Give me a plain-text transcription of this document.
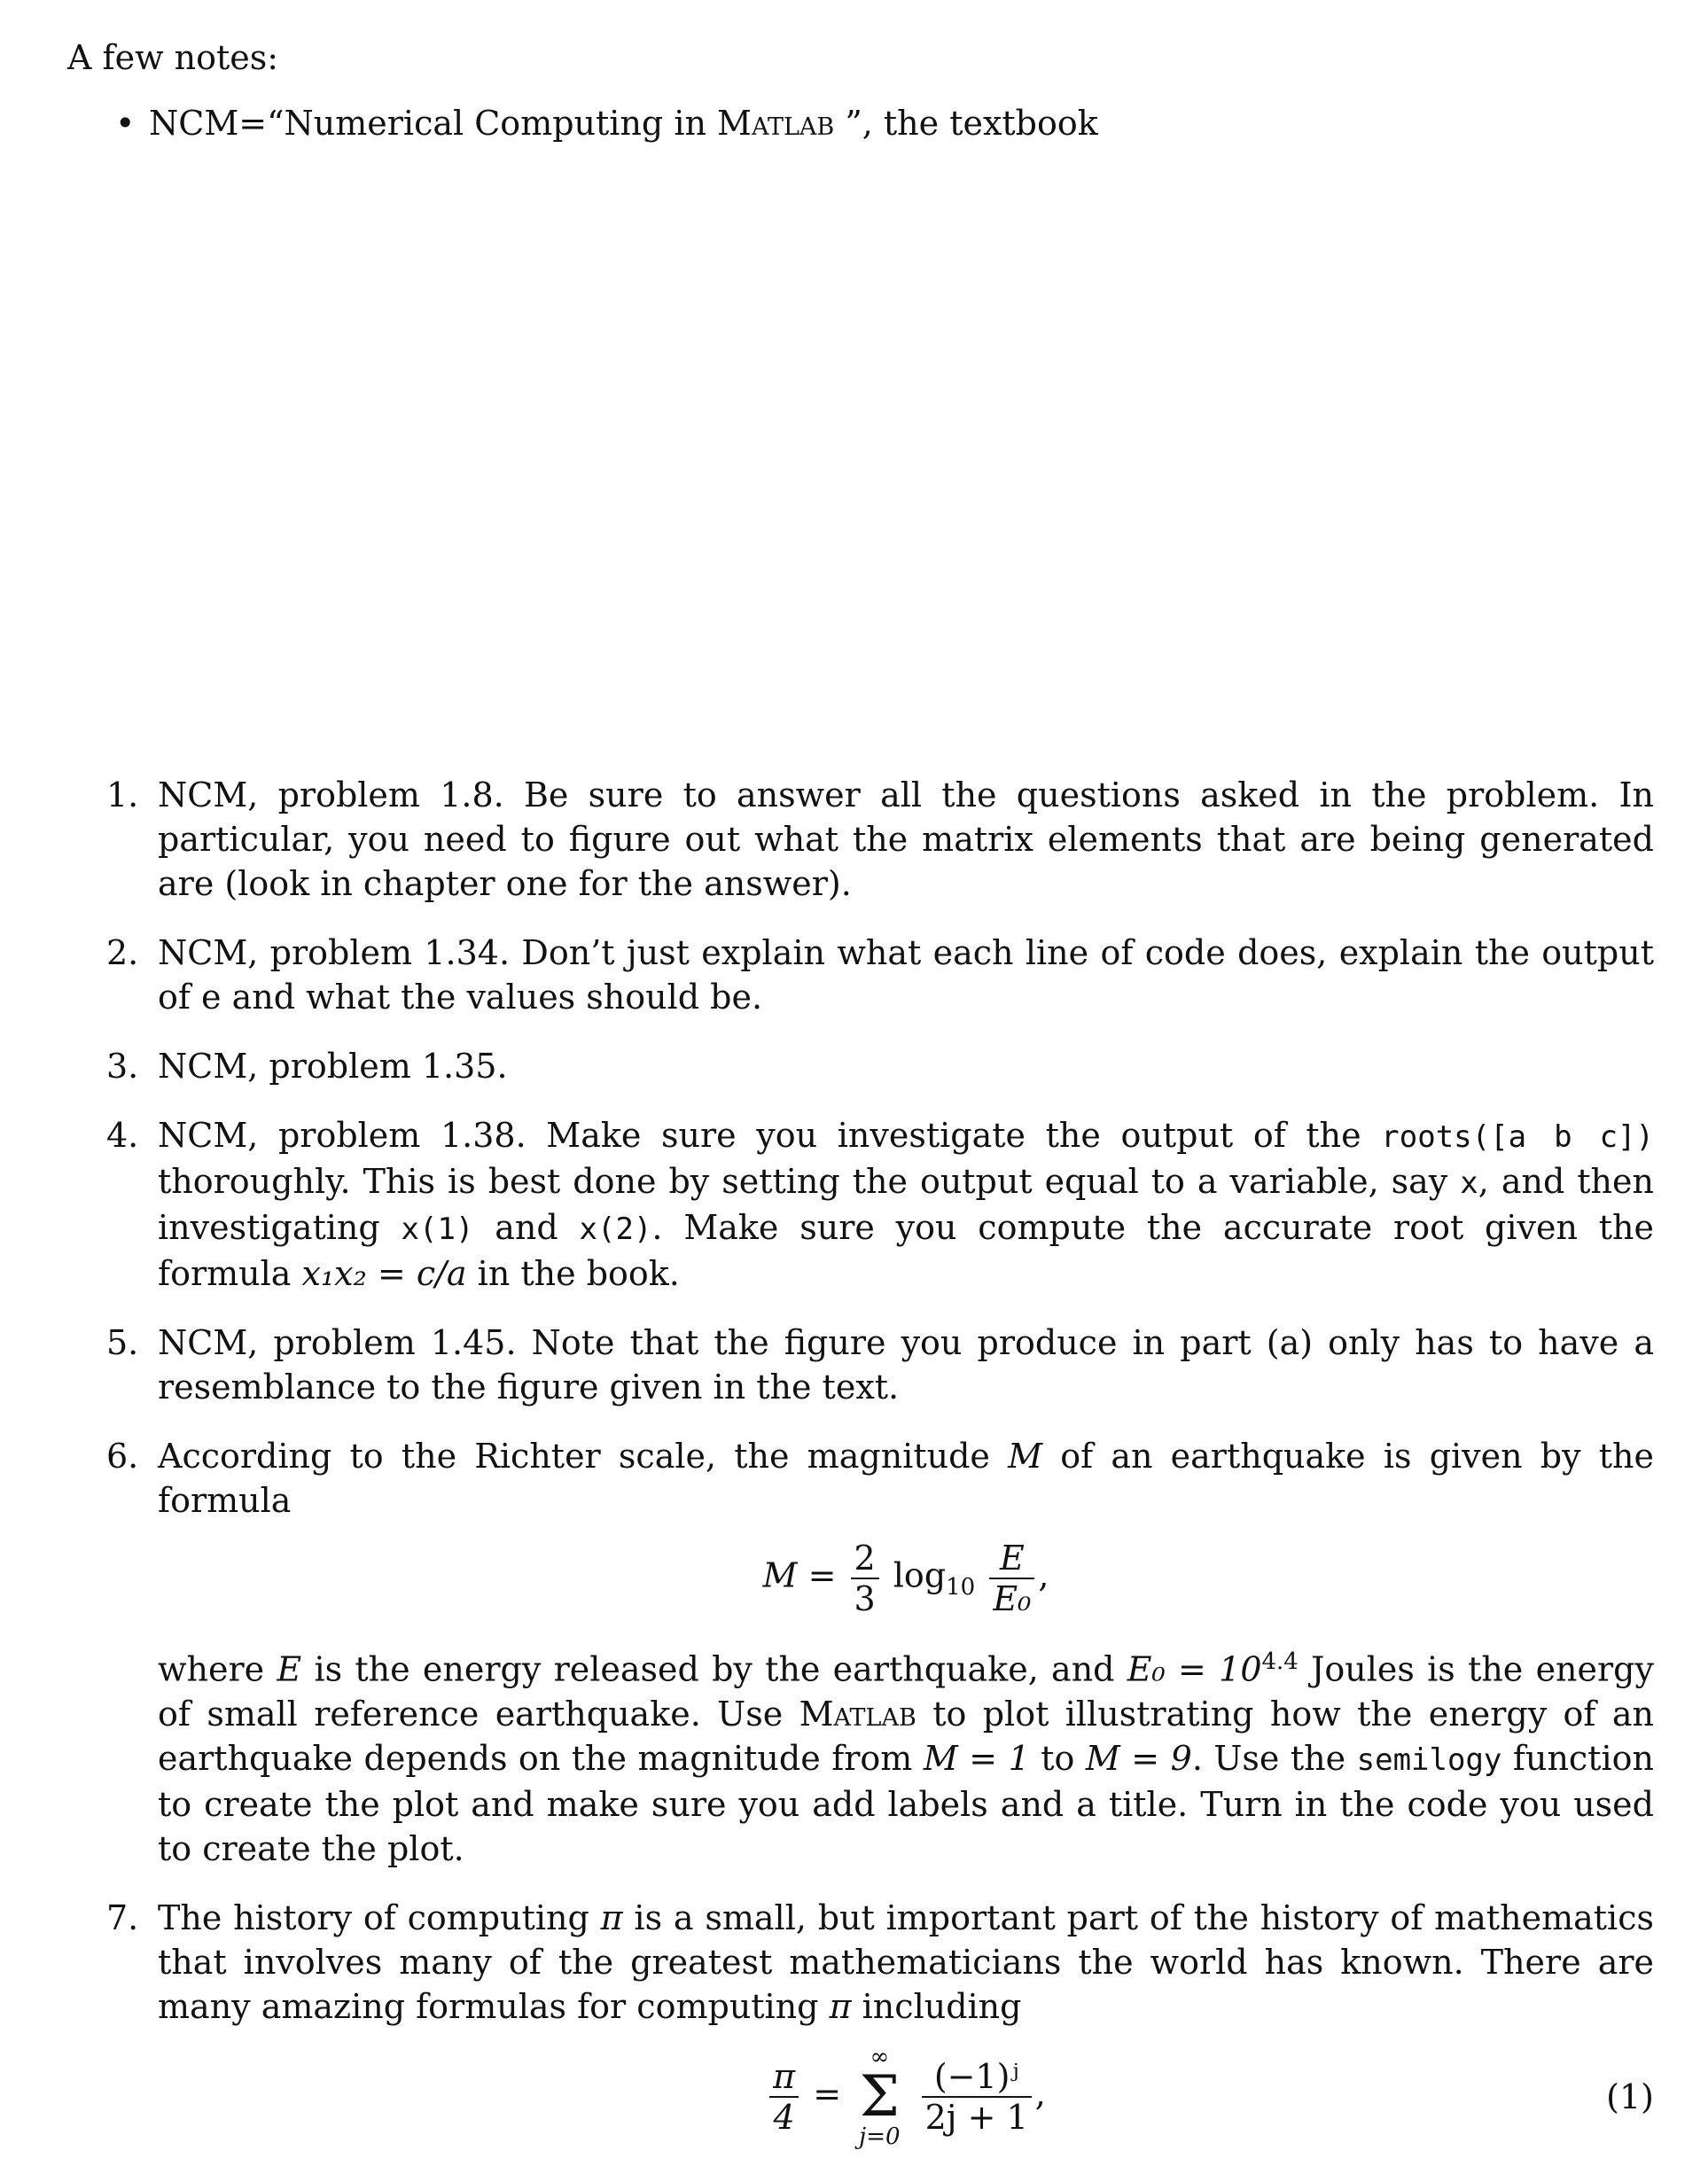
A few notes:
• NCM=“Numerical Computing in Matlab ”, the textbook
1. NCM, problem 1.8. Be sure to answer all the questions asked in the problem. In particular, you need to figure out what the matrix elements that are being generated are (look in chapter one for the answer).
2. NCM, problem 1.34. Don’t just explain what each line of code does, explain the output of e and what the values should be.
3. NCM, problem 1.35.
4. NCM, problem 1.38. Make sure you investigate the output of the roots([a b c]) thoroughly. This is best done by setting the output equal to a variable, say x, and then investigating x(1) and x(2). Make sure you compute the accurate root given the formula x₁x₂ = c/a in the book.
5. NCM, problem 1.45. Note that the figure you produce in part (a) only has to have a resemblance to the figure given in the text.
6. According to the Richter scale, the magnitude M of an earthquake is given by the formula
$M = \frac{2}{3} \log_{10} \frac{E}{\text{E₀}}$ ,
where E is the energy released by the earthquake, and $E_0 = 10^{4.4}$ Joules is the energy of small reference earthquake. Use Matlab to plot illustrating how the energy of an earthquake depends on the magnitude from M = 1 to M = 9. Use the semilogy function to create the plot and make sure you add labels and a title. Turn in the code you used to create the plot.
7. The history of computing π is a small, but important part of the history of mathematics that involves many of the greatest mathematicians the world has known. There are many amazing formulas for computing π including
$\frac{\pi}{4}$ =
∞
Σ
j=0
$\frac{\text{(−1)ʲ}}{2j + 1}$ ,	(1)
